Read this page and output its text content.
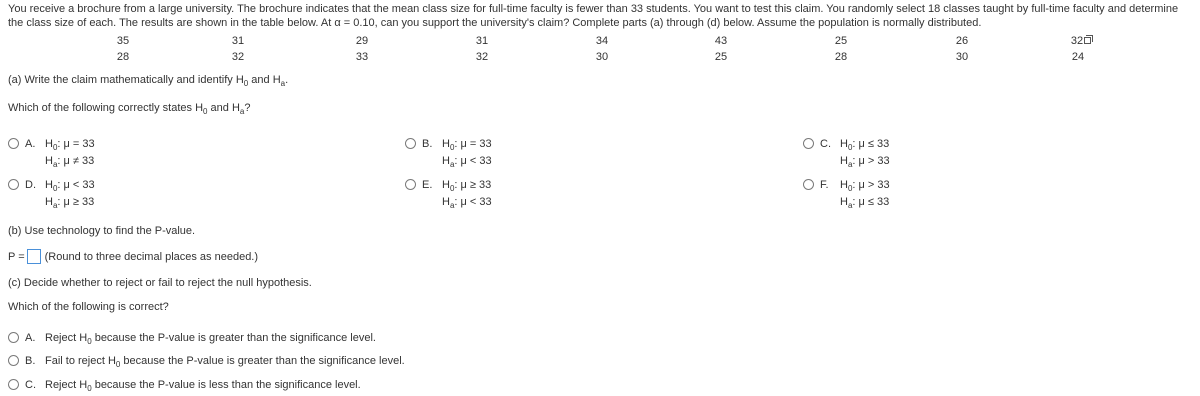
You receive a brochure from a large university. The brochure indicates that the mean class size for full-time faculty is fewer than 33 students. You want to test this claim. You randomly select 18 classes taught by full-time faculty and determine the class size of each. The results are shown in the table below. At α = 0.10, can you support the university's claim? Complete parts (a) through (d) below. Assume the population is normally distributed.
35	31	29	31	34	43	25	26	32
28	32	33	32	30	25	28	30	24
(a) Write the claim mathematically and identify $H_0$ and $H_a$.
Which of the following correctly states $H_0$ and $H_a$?
A. $H_0$: μ = 33
$H_a$: μ ≠ 33
B. $H_0$: μ = 33
$H_a$: μ < 33
C. $H_0$: μ ≤ 33
$H_a$: μ > 33
D. $H_0$: μ < 33
$H_a$: μ ≥ 33
E. $H_0$: μ ≥ 33
$H_a$: μ < 33
F. $H_0$: μ > 33
$H_a$: μ ≤ 33
(b) Use technology to find the P-value.
P = (Round to three decimal places as needed.)
(c) Decide whether to reject or fail to reject the null hypothesis.
Which of the following is correct?
A. Reject $H_0$ because the P-value is greater than the significance level.
B. Fail to reject $H_0$ because the P-value is greater than the significance level.
C. Reject $H_0$ because the P-value is less than the significance level.
